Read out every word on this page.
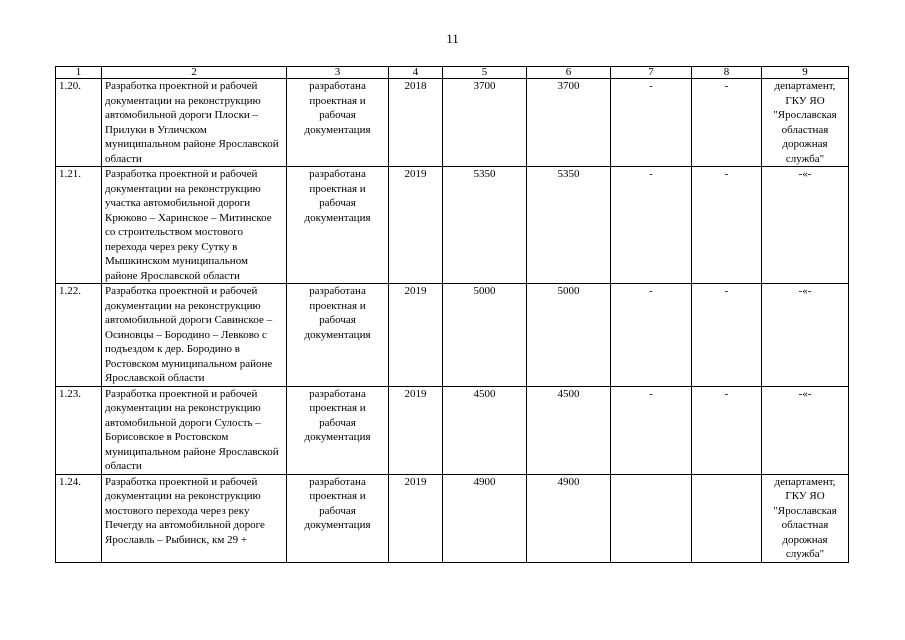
11
1	2	3	4	5	6	7	8	9
1.20.	Разработка проектной и рабочей документации на реконструкцию автомобильной дороги Плоски – Прилуки в Угличском муниципальном районе Ярославской области	разработана проектная и рабочая документация	2018	3700	3700	-	-	департамент, ГКУ ЯО "Ярославская областная дорожная служба"
1.21.	Разработка проектной и рабочей документации на реконструкцию участка автомобильной дороги Крюково – Харинское – Митинское со строительством мостового перехода через реку Сутку в Мышкинском муниципальном районе Ярославской области	разработана проектная и рабочая документация	2019	5350	5350	-	-	-«-
1.22.	Разработка проектной и рабочей документации на реконструкцию автомобильной дороги Савинское – Осиновцы – Бородино – Левково с подъездом к дер. Бородино в Ростовском муниципальном районе Ярославской области	разработана проектная и рабочая документация	2019	5000	5000	-	-	-«-
1.23.	Разработка проектной и рабочей документации на реконструкцию автомобильной дороги Сулость – Борисовское в Ростовском муниципальном районе Ярославской области	разработана проектная и рабочая документация	2019	4500	4500	-	-	-«-
1.24.	Разработка проектной и рабочей документации на реконструкцию мостового перехода через реку Печегду на автомобильной дороге Ярославль – Рыбинск, км 29 +	разработана проектная и рабочая документация	2019	4900	4900			департамент, ГКУ ЯО "Ярославская областная дорожная служба"
